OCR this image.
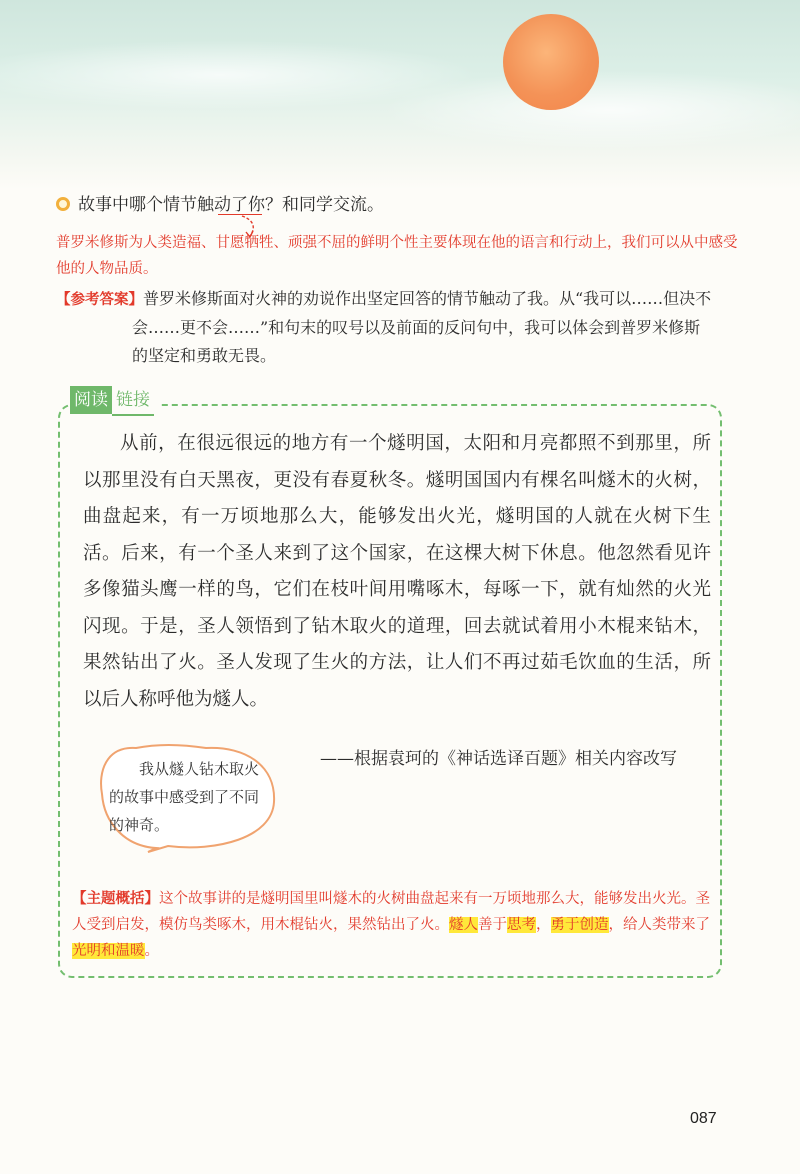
故事中哪个情节触动了你？和同学交流。
普罗米修斯为人类造福、甘愿牺牲、顽强不屈的鲜明个性主要体现在他的语言和行动上，我们可以从中感受他的人物品质。
【参考答案】普罗米修斯面对火神的劝说作出坚定回答的情节触动了我。从“我可以……但决不
会……更不会……”和句末的叹号以及前面的反问句中，我可以体会到普罗米修斯
的坚定和勇敢无畏。
阅读 链接

从前，在很远很远的地方有一个燧明国，太阳和月亮都照不到那里，所以那里没有白天黑夜，更没有春夏秋冬。燧明国国内有棵名叫燧木的火树，曲盘起来，有一万顷地那么大，能够发出火光，燧明国的人就在火树下生活。后来，有一个圣人来到了这个国家，在这棵大树下休息。他忽然看见许多像猫头鹰一样的鸟，它们在枝叶间用嘴啄木，每啄一下，就有灿然的火光闪现。于是，圣人领悟到了钻木取火的道理，回去就试着用小木棍来钻木，果然钻出了火。圣人发现了生火的方法，让人们不再过茹毛饮血的生活，所以后人称呼他为燧人。

——根据袁珂的《神话选译百题》相关内容改写
我从燧人钻木取火的故事中感受到了不同的神奇。
【主题概括】这个故事讲的是燧明国里叫燧木的火树曲盘起来有一万顷地那么大，能够发出火光。圣人受到启发，模仿鸟类啄木，用木棍钻火，果然钻出了火。燧人善于思考，勇于创造，给人类带来了光明和温暖。
087
